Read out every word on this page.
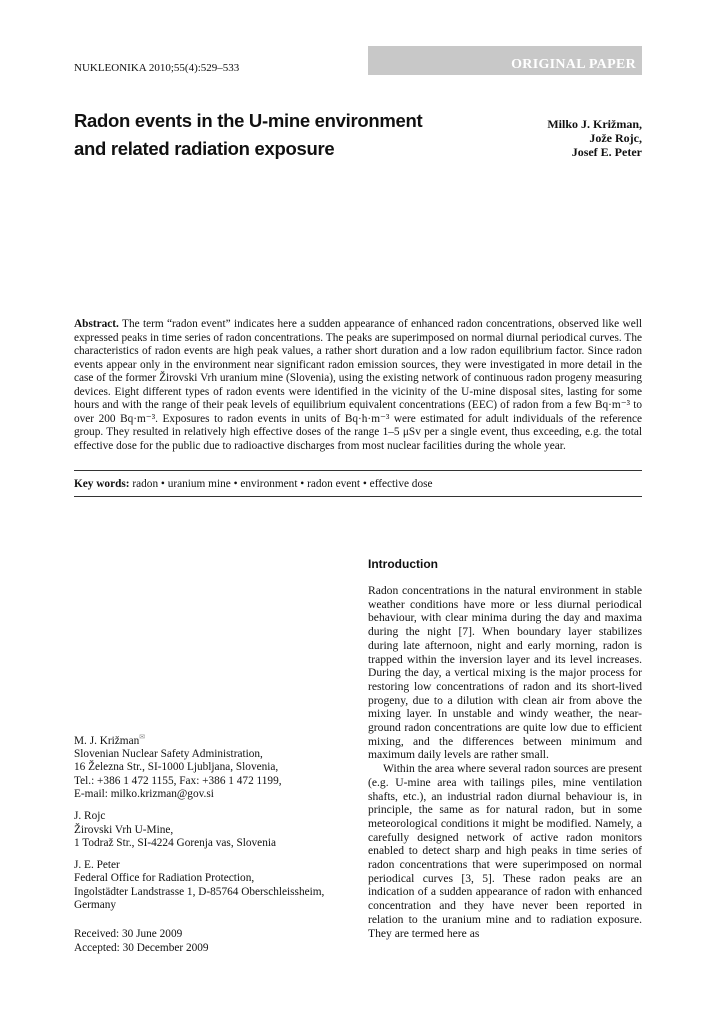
NUKLEONIKA 2010;55(4):529–533	ORIGINAL PAPER
Radon events in the U-mine environment
and related radiation exposure
Milko J. Križman,
Jože Rojc,
Josef E. Peter

Abstract. The term “radon event” indicates here a sudden appearance of enhanced radon concentrations, observed like well expressed peaks in time series of radon concentrations. The peaks are superimposed on normal diurnal periodical curves. The characteristics of radon events are high peak values, a rather short duration and a low radon equilibrium factor. Since radon events appear only in the environment near significant radon emission sources, they were investigated in more detail in the case of the former Žirovski Vrh uranium mine (Slovenia), using the existing network of continuous radon progeny measuring devices. Eight different types of radon events were identified in the vicinity of the U-mine disposal sites, lasting for some hours and with the range of their peak levels of equilibrium equivalent concentrations (EEC) of radon from a few Bq·m⁻³ to over 200 Bq·m⁻³. Exposures to radon events in units of Bq·h·m⁻³ were estimated for adult individuals of the reference group. They resulted in relatively high effective doses of the range 1–5 μSv per a single event, thus exceeding, e.g. the total effective dose for the public due to radioactive discharges from most nuclear facilities during the whole year.

Key words: radon • uranium mine • environment • radon event • effective dose
M. J. Križman✉
Slovenian Nuclear Safety Administration,
16 Železna Str., SI-1000 Ljubljana, Slovenia,
Tel.: +386 1 472 1155, Fax: +386 1 472 1199,
E-mail: milko.krizman@gov.si
J. Rojc
Žirovski Vrh U-Mine,
1 Todraž Str., SI-4224 Gorenja vas, Slovenia
J. E. Peter
Federal Office for Radiation Protection,
Ingolstädter Landstrasse 1, D-85764 Oberschleissheim,
Germany
Received: 30 June 2009
Accepted: 30 December 2009
Introduction

Radon concentrations in the natural environment in stable weather conditions have more or less diurnal periodical behaviour, with clear minima during the day and maxima during the night [7]. When boundary layer stabilizes during late afternoon, night and early morning, radon is trapped within the inversion layer and its level increases. During the day, a vertical mixing is the major process for restoring low concentrations of radon and its short-lived progeny, due to a dilution with clean air from above the mixing layer. In unstable and windy weather, the near-ground radon concentrations are quite low due to efficient mixing, and the differences between minimum and maximum daily levels are rather small.

Within the area where several radon sources are present (e.g. U-mine area with tailings piles, mine ventilation shafts, etc.), an industrial radon diurnal behaviour is, in principle, the same as for natural radon, but in some meteorological conditions it might be modified. Namely, a carefully designed network of active radon monitors enabled to detect sharp and high peaks in time series of radon concentrations that were superimposed on normal periodical curves [3, 5]. These radon peaks are an indication of a sudden appearance of radon with enhanced concentration and they have never been reported in relation to the uranium mine and to radiation exposure. They are termed here as
